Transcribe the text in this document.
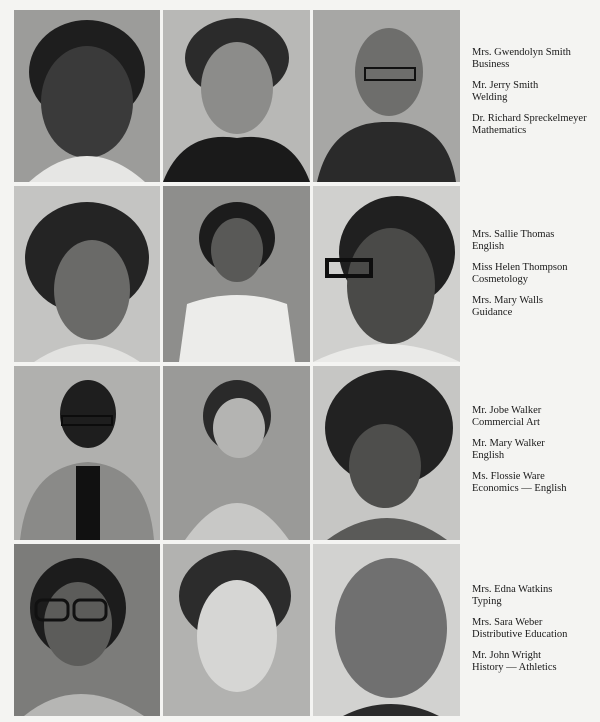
Mrs. Gwendolyn Smith
Business
Mr. Jerry Smith
Welding
Dr. Richard Spreckelmeyer
Mathematics
Mrs. Sallie Thomas
English
Miss Helen Thompson
Cosmetology
Mrs. Mary Walls
Guidance
Mr. Jobe Walker
Commercial Art
Mr. Mary Walker
English
Ms. Flossie Ware
Economics — English
Mrs. Edna Watkins
Typing
Mrs. Sara Weber
Distributive Education
Mr. John Wright
History — Athletics
